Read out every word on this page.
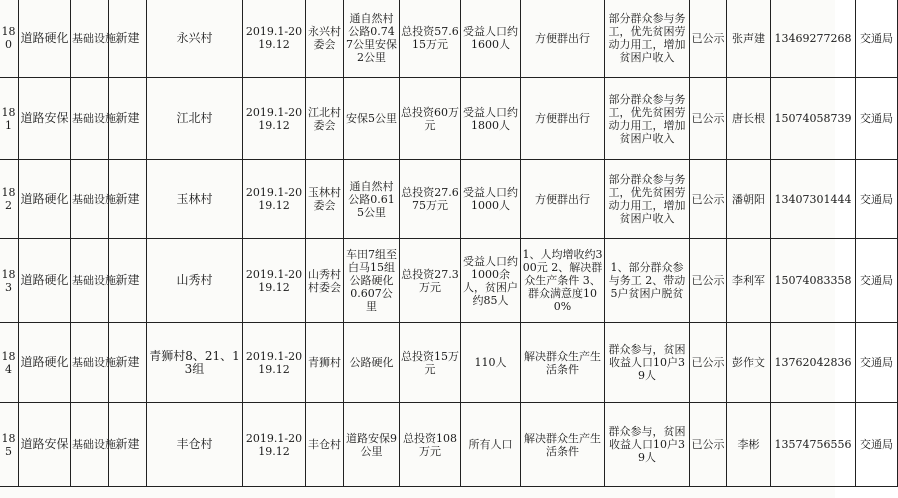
180	道路硬化	基础设施	新建	永兴村	2019.1-2019.12	永兴村委会	通自然村公路0.747公里安保2公里	总投资57.615万元	受益人口约1600人	方便群出行	部分群众参与务工，优先贫困劳动力用工，增加贫困户收入	已公示	张声建	13469277268	交通局
181	道路安保	基础设施	新建	江北村	2019.1-2019.12	江北村委会	安保5公里	总投资60万元	受益人口约1800人	方便群出行	部分群众参与务工，优先贫困劳动力用工，增加贫困户收入	已公示	唐长根	15074058739	交通局
182	道路硬化	基础设施	新建	玉林村	2019.1-2019.12	玉林村委会	通自然村公路0.615公里	总投资27.675万元	受益人口约1000人	方便群出行	部分群众参与务工，优先贫困劳动力用工，增加贫困户收入	已公示	潘朝阳	13407301444	交通局
183	道路硬化	基础设施	新建	山秀村	2019.1-2019.12	山秀村村委会	车田7组至白马15组公路硬化0.607公里	总投资27.3万元	受益人口约1000余人，贫困户约85人	1、人均增收约300元 2、解决群众生产条件 3、群众满意度100%	1、部分群众参与务工 2、带动5户贫困户脱贫	已公示	李利军	15074083358	交通局
184	道路硬化	基础设施	新建	青狮村8、21、13组	2019.1-2019.12	青狮村	公路硬化	总投资15万元	110人	解决群众生产生活条件	群众参与，贫困收益人口10户39人	已公示	彭作文	13762042836	交通局
185	道路安保	基础设施	新建	丰仓村	2019.1-2019.12	丰仓村	道路安保9公里	总投资108万元	所有人口	解决群众生产生活条件	群众参与，贫困收益人口10户39人	已公示	李彬	13574756556	交通局
